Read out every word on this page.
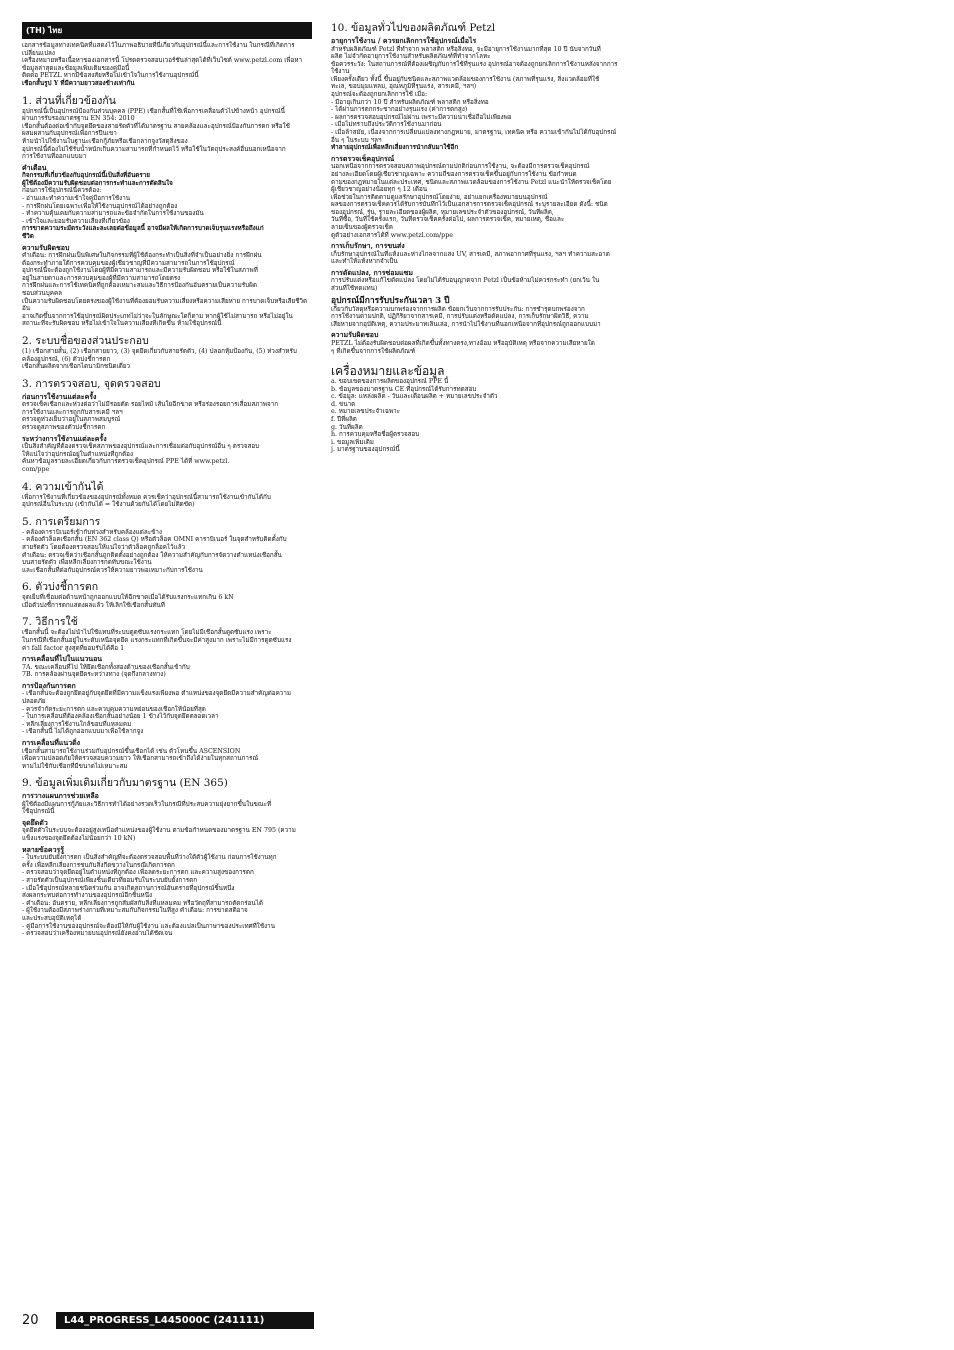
(TH) ไทย
เอกสารข้อมูลทางเทคนิคที่แสดงไว้ในภาพอธิบายที่นี่เกี่ยวกับอุปกรณ์นี้และการใช้งาน ในกรณีที่เกิดการเปลี่ยนแปลง
เครื่องหมายหรือเนื้อหาของเอกสารนี้ โปรดตรวจสอบเวอร์ชันล่าสุดได้ที่เว็บไซต์ www.petzl.com เพื่อหา
ข้อมูลล่าสุดและข้อมูลเพิ่มเติมของคู่มือนี้
ติดต่อ PETZL หากมีข้อสงสัยหรือไม่เข้าใจในการใช้งานอุปกรณ์นี้
เชือกสั้นรูป Y ที่มีความยาวสองข้างเท่ากัน
1. ส่วนที่เกี่ยวข้องกัน
อุปกรณ์นี้เป็นอุปกรณ์ป้องกันส่วนบุคคล (PPE) เชือกสั้นที่ใช้เพื่อการเคลื่อนตัวไปข้างหน้า อุปกรณ์นี้
ผ่านการรับรองมาตรฐาน EN 354: 2010
เชือกสั้นต้องต่อเข้ากับจุดยึดของสายรัดตัวที่ได้มาตรฐาน สายคล้องและอุปกรณ์ป้องกันการตก หรือใช้
ผสมผสานกับอุปกรณ์เพื่อการปีนเขา
ห้ามนำไปใช้งานในฐานะเชือกกู้ภัยหรือเชือกลากจูงวัสดุสิ่งของ
อุปกรณ์นี้ต้องไม่ใช้รับน้ำหนักเกินความสามารถที่กำหนดไว้ หรือใช้ในวัตถุประสงค์อื่นนอกเหนือจาก
การใช้งานที่ออกแบบมา
คำเตือน
กิจกรรมที่เกี่ยวข้องกับอุปกรณ์นี้เป็นสิ่งที่อันตราย
ผู้ใช้ต้องมีความรับผิดชอบต่อการกระทำและการตัดสินใจ
ก่อนการใช้อุปกรณ์นี้ควรต้อง:
- อ่านและทำความเข้าใจคู่มือการใช้งาน
- การฝึกฝนโดยเฉพาะเพื่อให้ใช้งานอุปกรณ์ได้อย่างถูกต้อง
- ทำความคุ้นเคยกับความสามารถและข้อจำกัดในการใช้งานของมัน
- เข้าใจและยอมรับความเสี่ยงที่เกี่ยวข้อง
การขาดความระมัดระวังและละเลยต่อข้อมูลนี้ อาจมีผลให้เกิดการบาดเจ็บรุนแรงหรือถึงแก่
ชีวิต
ความรับผิดชอบ
คำเตือน: การฝึกฝนเป็นพิเศษในกิจกรรมที่ผู้ใช้ต้องกระทำเป็นสิ่งที่จำเป็นอย่างยิ่ง การฝึกฝน
ต้องกระทำภายใต้การควบคุมของผู้เชี่ยวชาญที่มีความสามารถในการใช้อุปกรณ์
อุปกรณ์นี้จะต้องถูกใช้งานโดยผู้ที่มีความสามารถและมีความรับผิดชอบ หรือใช้ในสภาพที่
อยู่ในสายตาและการควบคุมของผู้ที่มีความสามารถโดยตรง
การฝึกฝนและการใช้เทคนิคที่ถูกต้องเหมาะสมและวิธีการป้องกันอันตรายเป็นความรับผิด
ชอบส่วนบุคคล
เป็นความรับผิดชอบโดยตรงของผู้ใช้งานที่ต้องยอมรับความเสี่ยงหรือความเสียหาย การบาดเจ็บหรือเสียชีวิต อัน
อาจเกิดขึ้นจากการใช้อุปกรณ์ผิดประเภทไม่ว่าจะในลักษณะใดก็ตาม หากผู้ใช้ไม่สามารถ หรือไม่อยู่ใน
สถานะที่จะรับผิดชอบ หรือไม่เข้าใจในความเสี่ยงที่เกิดขึ้น ห้ามใช้อุปกรณ์นี้
2. ระบบชื่อของส่วนประกอบ
(1) เชือกสายสั้น, (2) เชือกสายยาว, (3) จุดยึดเกี่ยวกับสายรัดตัว, (4) ปลอกหุ้มป้องกัน, (5) ห่วงสำหรับ
คล้องอุปกรณ์, (6) ตัวบ่งชี้การตก
เชือกสั้นผลิตจากเชือกไดนามิกชนิดเดี่ยว
3. การตรวจสอบ, จุดตรวจสอบ
ก่อนการใช้งานแต่ละครั้ง
ตรวจเช็คเชือกและห่วงต่อว่าไม่มีรอยตัด รอยไหม้ เส้นใยฉีกขาด หรือร่องรอยการเสื่อมสภาพจาก
การใช้งานและการถูกกับสารเคมี ฯลฯ
ตรวจดูห่วงเย็บว่าอยู่ในสภาพสมบูรณ์
ตรวจดูสภาพของตัวบ่งชี้การตก
ระหว่างการใช้งานแต่ละครั้ง
เป็นสิ่งสำคัญที่ต้องตรวจเช็คสภาพของอุปกรณ์และการเชื่อมต่อกับอุปกรณ์อื่น ๆ ตรวจสอบ
ให้แน่ใจว่าอุปกรณ์อยู่ในตำแหน่งที่ถูกต้อง
ค้นหาข้อมูลรายละเอียดเกี่ยวกับการตรวจเช็คอุปกรณ์ PPE ได้ที่ www.petzl.
com/ppe
4. ความเข้ากันได้
เพื่อการใช้งานที่เกี่ยวข้องของอุปกรณ์ทั้งหมด ควรเช็คว่าอุปกรณ์นี้สามารถใช้งานเข้ากันได้กับ
อุปกรณ์อื่นในระบบ (เข้ากันได้ = ใช้งานด้วยกันได้โดยไม่ติดขัด)
5. การเตรียมการ
- คล้องคาราบิเนอร์เข้ากับห่วงสำหรับคล้องแต่ละข้าง
- คล้องตัวล็อคเชือกสั้น (EN 362 class Q) หรือตัวล็อค OMNI คาราบิเนอร์ ในจุดสำหรับติดตั้งกับ
สายรัดตัว โดยต้องตรวจสอบให้แน่ใจว่าตัวล็อคถูกล็อคไว้แล้ว
คำเตือน: ตรวจเช็คว่าเชือกสั้นถูกติดตั้งอย่างถูกต้อง ให้ความสำคัญกับการจัดวางตำแหน่งเชือกสั้น
บนสายรัดตัว เพื่อหลีกเลี่ยงการกดทับขณะใช้งาน
และเชือกสั้นที่ต่อกับอุปกรณ์ควรให้ความยาวพอเหมาะกับการใช้งาน
6. ตัวบ่งชี้การตก
จุดเย็บที่เชื่อมต่อด้านหน้าถูกออกแบบให้ฉีกขาดเมื่อได้รับแรงกระแทกเกิน 6 kN
เมื่อตัวบ่งชี้การตกแสดงผลแล้ว ให้เลิกใช้เชือกสั้นทันที
7. วิธีการใช้
เชือกสั้นนี้ จะต้องไม่นำไปใช้แทนที่ระบบดูดซับแรงกระแทก โดยไม่มีเชือกสั้นดูดซับแรง เพราะ
ในกรณีที่เชือกสั้นอยู่ในระดับเหนือจุดยึด แรงกระแทกที่เกิดขึ้นจะมีค่าสูงมาก เพราะไม่มีการดูดซับแรง
ค่า fall factor สูงสุดที่ยอมรับได้คือ 1
การเคลื่อนที่ไปในแนวนอน
7A. ขณะเคลื่อนที่ไป ให้ยึดเชือกทั้งสองด้านของเชือกสั้นเข้ากับ
7B. การคล้องผ่านจุดยึดระหว่างทาง (จุดกึ่งกลางทาง)
การป้องกันการตก
- เชือกสั้นจะต้องถูกยึดอยู่กับจุดยึดที่มีความแข็งแรงเพียงพอ ตำแหน่งของจุดยึดมีความสำคัญต่อความปลอดภัย
- ควรจำกัดระยะการตก และควบคุมความหย่อนของเชือกให้น้อยที่สุด
- ในการเคลื่อนที่ต้องคล้องเชือกสั้นอย่างน้อย 1 ข้างไว้กับจุดยึดตลอดเวลา
- หลีกเลี่ยงการใช้งานใกล้ขอบที่แหลมคม
- เชือกสั้นนี้ ไม่ได้ถูกออกแบบมาเพื่อใช้ลากจูง
การเคลื่อนที่แนวดิ่ง
เชือกสั้นสามารถใช้งานร่วมกับอุปกรณ์ขึ้นเชือกได้ เช่น ตัวโหนขึ้น ASCENSION
เพื่อความปลอดภัยให้ตรวจสอบความยาว ให้เชือกสามารถเข้าถึงได้ง่ายในทุกสถานการณ์
หามไม่ใช้กับเชือกที่มีขนาดไม่เหมาะสม
9. ข้อมูลเพิ่มเติมเกี่ยวกับมาตรฐาน (EN 365)
การวางแผนการช่วยเหลือ
ผู้ใช้ต้องมีแผนการกู้ภัยและวิธีการทำได้อย่างรวดเร็วในกรณีที่ประสบความยุ่งยากขึ้นในขณะที่
ใช้อุปกรณ์นี้
จุดยึดตัว
จุดยึดตัวในระบบจะต้องอยู่สูงเหนือตำแหน่งของผู้ใช้งาน ตามข้อกำหนดของมาตรฐาน EN 795 (ความ
แข็งแรงของจุดยึดต้องไม่น้อยกว่า 10 kN)
หลายข้อควรรู้
- ในระบบยับยั้งการตก เป็นสิ่งสำคัญที่จะต้องตรวจสอบพื้นที่ว่างใต้ตัวผู้ใช้งาน ก่อนการใช้งานทุก
ครั้ง เพื่อหลีกเลี่ยงการชนกับสิ่งกีดขวางในกรณีเกิดการตก
- ตรวจสอบว่าจุดยึดอยู่ในตำแหน่งที่ถูกต้อง เพื่อลดระยะการตก และความสูงของการตก
- สายรัดตัวเป็นอุปกรณ์เพียงชิ้นเดียวที่ยอมรับในระบบยับยั้งการตก
- เมื่อใช้อุปกรณ์หลายชนิดร่วมกัน อาจเกิดสถานการณ์อันตรายที่อุปกรณ์ชิ้นหนึ่ง
ส่งผลกระทบต่อการทำงานของอุปกรณ์อีกชิ้นหนึ่ง
- คำเตือน: อันตราย, หลีกเลี่ยงการถูกสัมผัสกับสิ่งที่แหลมคม หรือวัตถุที่สามารถตัดกร่อนได้
- ผู้ใช้งานต้องมีสภาพร่างกายที่เหมาะสมกับกิจกรรมในที่สูง คำเตือน: การขาดสติอาจ
และประสบอุบัติเหตุได้
- คู่มือการใช้งานของอุปกรณ์จะต้องมีให้กับผู้ใช้งาน และต้องแปลเป็นภาษาของประเทศที่ใช้งาน
- ตรวจสอบว่าเครื่องหมายบนอุปกรณ์ยังคงอ่านได้ชัดเจน
10. ข้อมูลทั่วไปของผลิตภัณฑ์ Petzl
อายุการใช้งาน / ควรยกเลิกการใช้อุปกรณ์เมื่อไร
สำหรับผลิตภัณฑ์ Petzl ที่ทำจาก พลาสติก หรือสิ่งทอ, จะมีอายุการใช้งานมากที่สุด 10 ปี นับจากวันที่
ผลิต ไม่จำกัดอายุการใช้งานสำหรับผลิตภัณฑ์ที่ทำจากโลหะ
ข้อควรระวัง: ในสถานการณ์ที่ต้องเผชิญกับการใช้ที่รุนแรง อุปกรณ์อาจต้องถูกยกเลิกการใช้งานหลังจากการใช้งาน
เพียงครั้งเดียว ทั้งนี้ ขึ้นอยู่กับชนิดและสภาพแวดล้อมของการใช้งาน (สภาพที่รุนแรง, สิ่งแวดล้อมที่ใช้
ทะเล, ขอบมุมแหลม, อุณหภูมิที่รุนแรง, สารเคมี, ฯลฯ)
อุปกรณ์จะต้องถูกยกเลิกการใช้ เมื่อ:
- มีอายุเกินกว่า 10 ปี สำหรับผลิตภัณฑ์ พลาสติก หรือสิ่งทอ
- ได้ผ่านการตกกระชากอย่างรุนแรง (ค่าการตกสูง)
- ผลการตรวจสอบอุปกรณ์ไม่ผ่าน เพราะมีความน่าเชื่อถือไม่เพียงพอ
- เมื่อไม่ทราบถึงประวัติการใช้งานมาก่อน
- เมื่อล้าสมัย, เนื่องจากการเปลี่ยนแปลงทางกฎหมาย, มาตรฐาน, เทคนิค หรือ ความเข้ากันไม่ได้กับอุปกรณ์
อื่น ๆ ในระบบ ฯลฯ
ทำลายอุปกรณ์เพื่อหลีกเลี่ยงการนำกลับมาใช้อีก
การตรวจเช็คอุปกรณ์
นอกเหนือจากการตรวจสอบสภาพอุปกรณ์ตามปกติก่อนการใช้งาน, จะต้องมีการตรวจเช็คอุปกรณ์
อย่างละเอียดโดยผู้เชี่ยวชาญเฉพาะ ความถี่ของการตรวจเช็คขึ้นอยู่กับการใช้งาน ข้อกำหนด
ตามของกฎหมายในแต่ละประเทศ, ชนิดและสภาพแวดล้อมของการใช้งาน Petzl แนะนำให้ตรวจเช็คโดย
ผู้เชี่ยวชาญอย่างน้อยทุก ๆ 12 เดือน
เพื่อช่วยในการติดตามดูแลรักษาอุปกรณ์โดยง่าย, อย่าแยกเครื่องหมายบนอุปกรณ์
ผลของการตรวจเช็คควรได้รับการบันทึกไว้เป็นเอกสารการตรวจเช็คอุปกรณ์ ระบุรายละเอียด ดังนี้: ชนิด
ของอุปกรณ์, รุ่น, รายละเอียดของผู้ผลิต, หมายเลขประจำตัวของอุปกรณ์, วันที่ผลิต,
วันที่ซื้อ, วันที่ใช้ครั้งแรก, วันที่ตรวจเช็คครั้งต่อไป, ผลการตรวจเช็ค, หมายเหตุ, ชื่อและ
ลายเซ็นของผู้ตรวจเช็ค
ดูตัวอย่างเอกสารได้ที่ www.petzl.com/ppe
การเก็บรักษา, การขนส่ง
เก็บรักษาอุปกรณ์ในที่แห้งและห่างไกลจากแสง UV, สารเคมี, สภาพอากาศที่รุนแรง, ฯลฯ ทำความสะอาด
และทำให้แห้งหากจำเป็น
การดัดแปลง, การซ่อมแซม
การปรับแต่งหรือแก้ไขดัดแปลง โดยไม่ได้รับอนุญาตจาก Petzl เป็นข้อห้ามไม่ควรกระทำ (ยกเว้น ใน
ส่วนที่ใช้ทดแทน)
อุปกรณ์มีการรับประกันเวลา 3 ปี
เกี่ยวกับวัสดุหรือความบกพร่องจากการผลิต ข้อยกเว้นจากการรับประกัน: การชำรุดบกพร่องจาก
การใช้งานตามปกติ, ปฏิกิริยาจากสารเคมี, การปรับแต่งหรือดัดแปลง, การเก็บรักษาผิดวิธี, ความ
เสียหายจากอุบัติเหตุ, ความประมาทเลินเล่อ, การนำไปใช้งานที่นอกเหนือจากที่อุปกรณ์ถูกออกแบบมา
ความรับผิดชอบ
PETZL ไม่ต้องรับผิดชอบต่อผลที่เกิดขึ้นทั้งทางตรง,ทางอ้อม หรืออุบัติเหตุ หรือจากความเสียหายใด
ๆ ที่เกิดขึ้นจากการใช้ผลิตภัณฑ์
เครื่องหมายและข้อมูล
a. ขอบเขตของการผลิตของอุปกรณ์ PPE นี้
b. ข้อมูลของมาตรฐาน CE ที่อุปกรณ์ได้รับการทดสอบ
c. ข้อมูล: แหล่งผลิต - วันและเดือนผลิต + หมายเลขประจำตัว
d. ขนาด
e. หมายเลขประจำเฉพาะ
f. ปีที่ผลิต
g. วันที่ผลิต
h. การควบคุมหรือชื่อผู้ตรวจสอบ
i. ขอมูลเพิ่มเติม
j. มาตรฐานของอุปกรณ์นี้
20	L44_PROGRESS_L445000C (241111)
